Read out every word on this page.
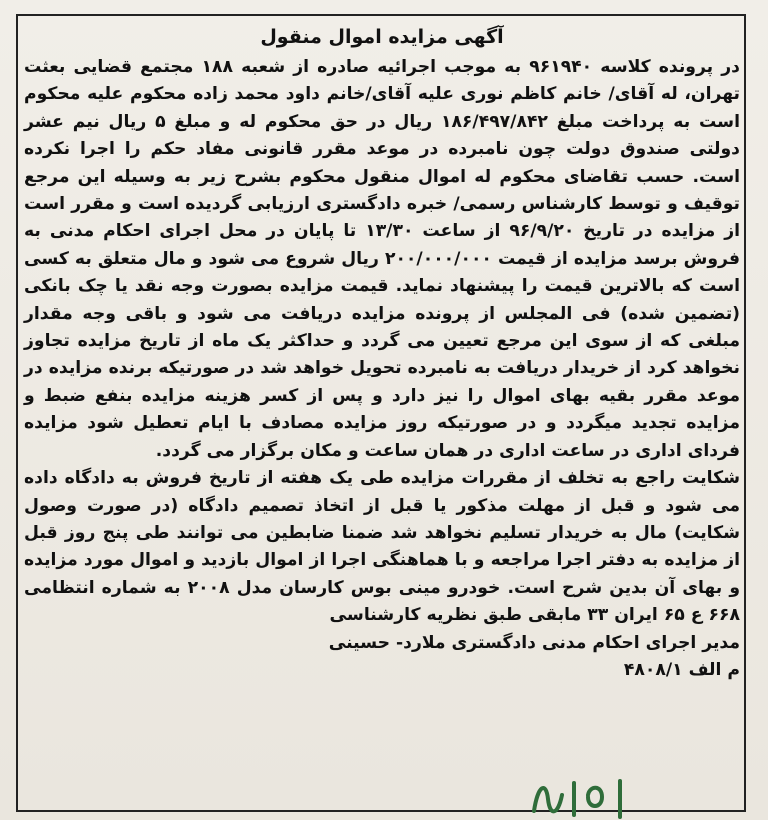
آگهی مزایده اموال منقول

در پرونده کلاسه ۹۶۱۹۴۰ به موجب اجرائیه صادره از شعبه ۱۸۸ مجتمع قضایی بعثت تهران، له آقای/ خانم کاظم نوری علیه آقای/خانم داود محمد زاده محکوم علیه محکوم است به پرداخت مبلغ ۱۸۶/۴۹۷/۸۴۲ ریال در حق محکوم له و مبلغ ۵ ریال نیم عشر دولتی صندوق دولت چون نامبرده در موعد مقرر قانونی مفاد حکم را اجرا نکرده است. حسب تقاضای محکوم له اموال منقول محکوم بشرح زیر به وسیله این مرجع توقیف و توسط کارشناس رسمی/ خبره دادگستری ارزیابی گردیده است و مقرر است از مزایده در تاریخ ۹۶/۹/۲۰ از ساعت ۱۳/۳۰ تا پایان در محل اجرای احکام مدنی به فروش برسد مزایده از قیمت ۲۰۰/۰۰۰/۰۰۰ ریال شروع می شود و مال متعلق به کسی است که بالاترین قیمت را پیشنهاد نماید. قیمت مزایده بصورت وجه نقد یا چک بانکی (تضمین شده) فی المجلس از پرونده مزایده دریافت می شود و باقی وجه مقدار مبلغی که از سوی این مرجع تعیین می گردد و حداکثر یک ماه از تاریخ مزایده تجاوز نخواهد کرد از خریدار دریافت به نامبرده تحویل خواهد شد در صورتیکه برنده مزایده در موعد مقرر بقیه بهای اموال را نیز دارد و پس از کسر هزینه مزایده بنفع ضبط و مزایده تجدید میگردد و در صورتیکه روز مزایده مصادف با ایام تعطیل شود مزایده فردای اداری در ساعت اداری در همان ساعت و مکان برگزار می گردد.

شکایت راجع به تخلف از مقررات مزایده طی یک هفته از تاریخ فروش به دادگاه داده می شود و قبل از مهلت مذکور یا قبل از اتخاذ تصمیم دادگاه (در صورت وصول شکایت) مال به خریدار تسلیم نخواهد شد ضمنا ضابطین می توانند طی پنج روز قبل از مزایده به دفتر اجرا مراجعه و با هماهنگی اجرا از اموال بازدید و اموال مورد مزایده و بهای آن بدین شرح است. خودرو مینی بوس کارسان مدل ۲۰۰۸ به شماره انتظامی ۶۶۸ ع ۶۵ ایران ۳۳ مابقی طبق نظریه کارشناسی

مدیر اجرای احکام مدنی دادگستری ملارد- حسینی

م الف ۴۸۰۸/۱
